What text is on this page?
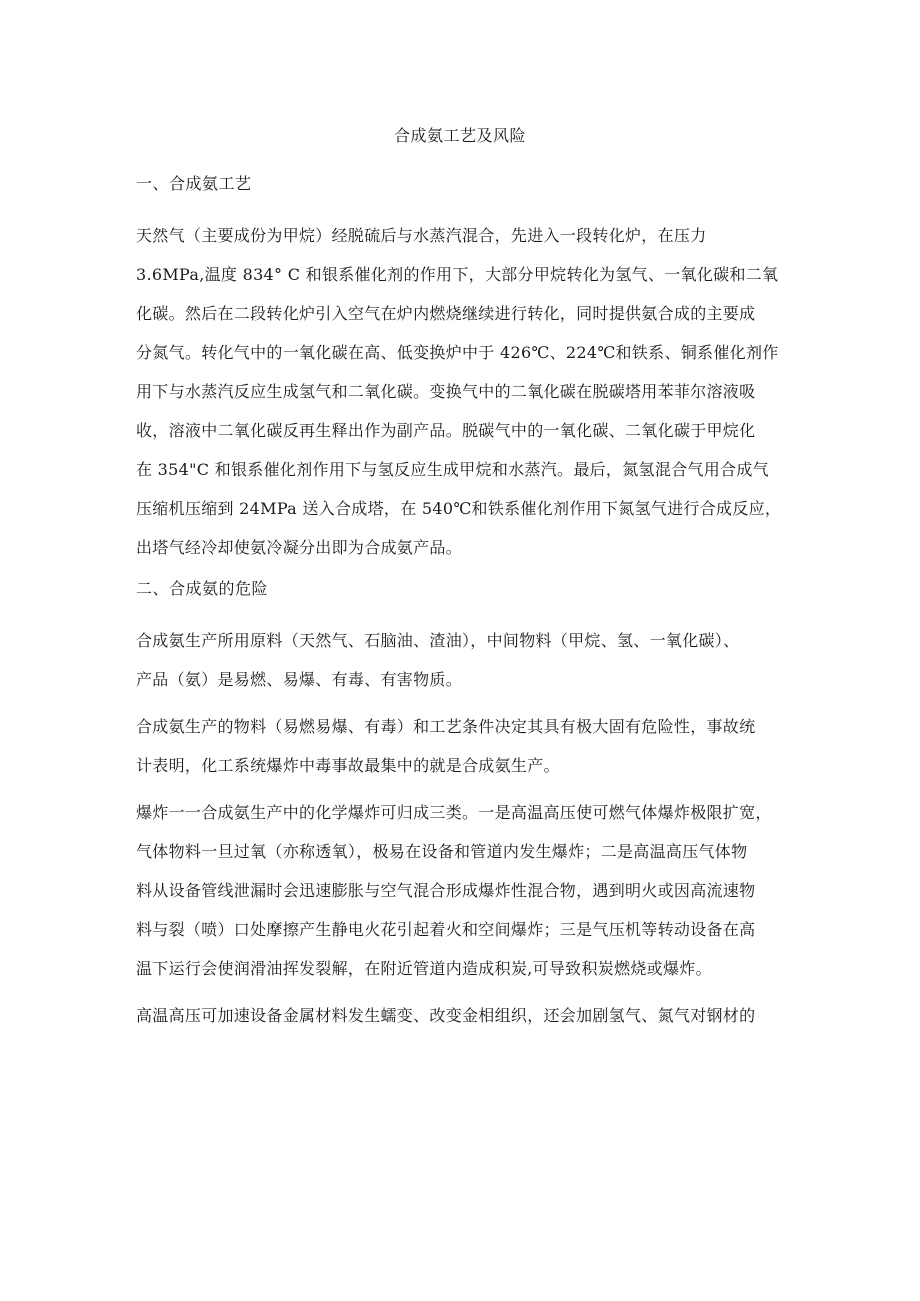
合成氨工艺及风险
一、合成氨工艺
天然气（主要成份为甲烷）经脱硫后与水蒸汽混合，先进入一段转化炉，在压力
3.6MPa,温度 834° C 和银系催化剂的作用下，大部分甲烷转化为氢气、一氧化碳和二氧
化碳。然后在二段转化炉引入空气在炉内燃烧继续进行转化，同时提供氨合成的主要成
分氮气。转化气中的一氧化碳在高、低变换炉中于 426℃、224℃和铁系、铜系催化剂作
用下与水蒸汽反应生成氢气和二氧化碳。变换气中的二氧化碳在脱碳塔用苯菲尔溶液吸
收，溶液中二氧化碳反再生释出作为副产品。脱碳气中的一氧化碳、二氧化碳于甲烷化
在 354"C 和银系催化剂作用下与氢反应生成甲烷和水蒸汽。最后，氮氢混合气用合成气
压缩机压缩到 24MPa 送入合成塔，在 540℃和铁系催化剂作用下氮氢气进行合成反应，
出塔气经冷却使氨冷凝分出即为合成氨产品。
二、合成氨的危险
合成氨生产所用原料（天然气、石脑油、渣油），中间物料（甲烷、氢、一氧化碳）、
产品（氨）是易燃、易爆、有毒、有害物质。
合成氨生产的物料（易燃易爆、有毒）和工艺条件决定其具有极大固有危险性，事故统
计表明，化工系统爆炸中毒事故最集中的就是合成氨生产。
爆炸一一合成氨生产中的化学爆炸可归成三类。一是高温高压使可燃气体爆炸极限扩宽，
气体物料一旦过氧（亦称透氧），极易在设备和管道内发生爆炸；二是高温高压气体物
料从设备管线泄漏时会迅速膨胀与空气混合形成爆炸性混合物，遇到明火或因高流速物
料与裂（喷）口处摩擦产生静电火花引起着火和空间爆炸；三是气压机等转动设备在高
温下运行会使润滑油挥发裂解，在附近管道内造成积炭,可导致积炭燃烧或爆炸。
高温高压可加速设备金属材料发生蠕变、改变金相组织，还会加剧氢气、氮气对钢材的
